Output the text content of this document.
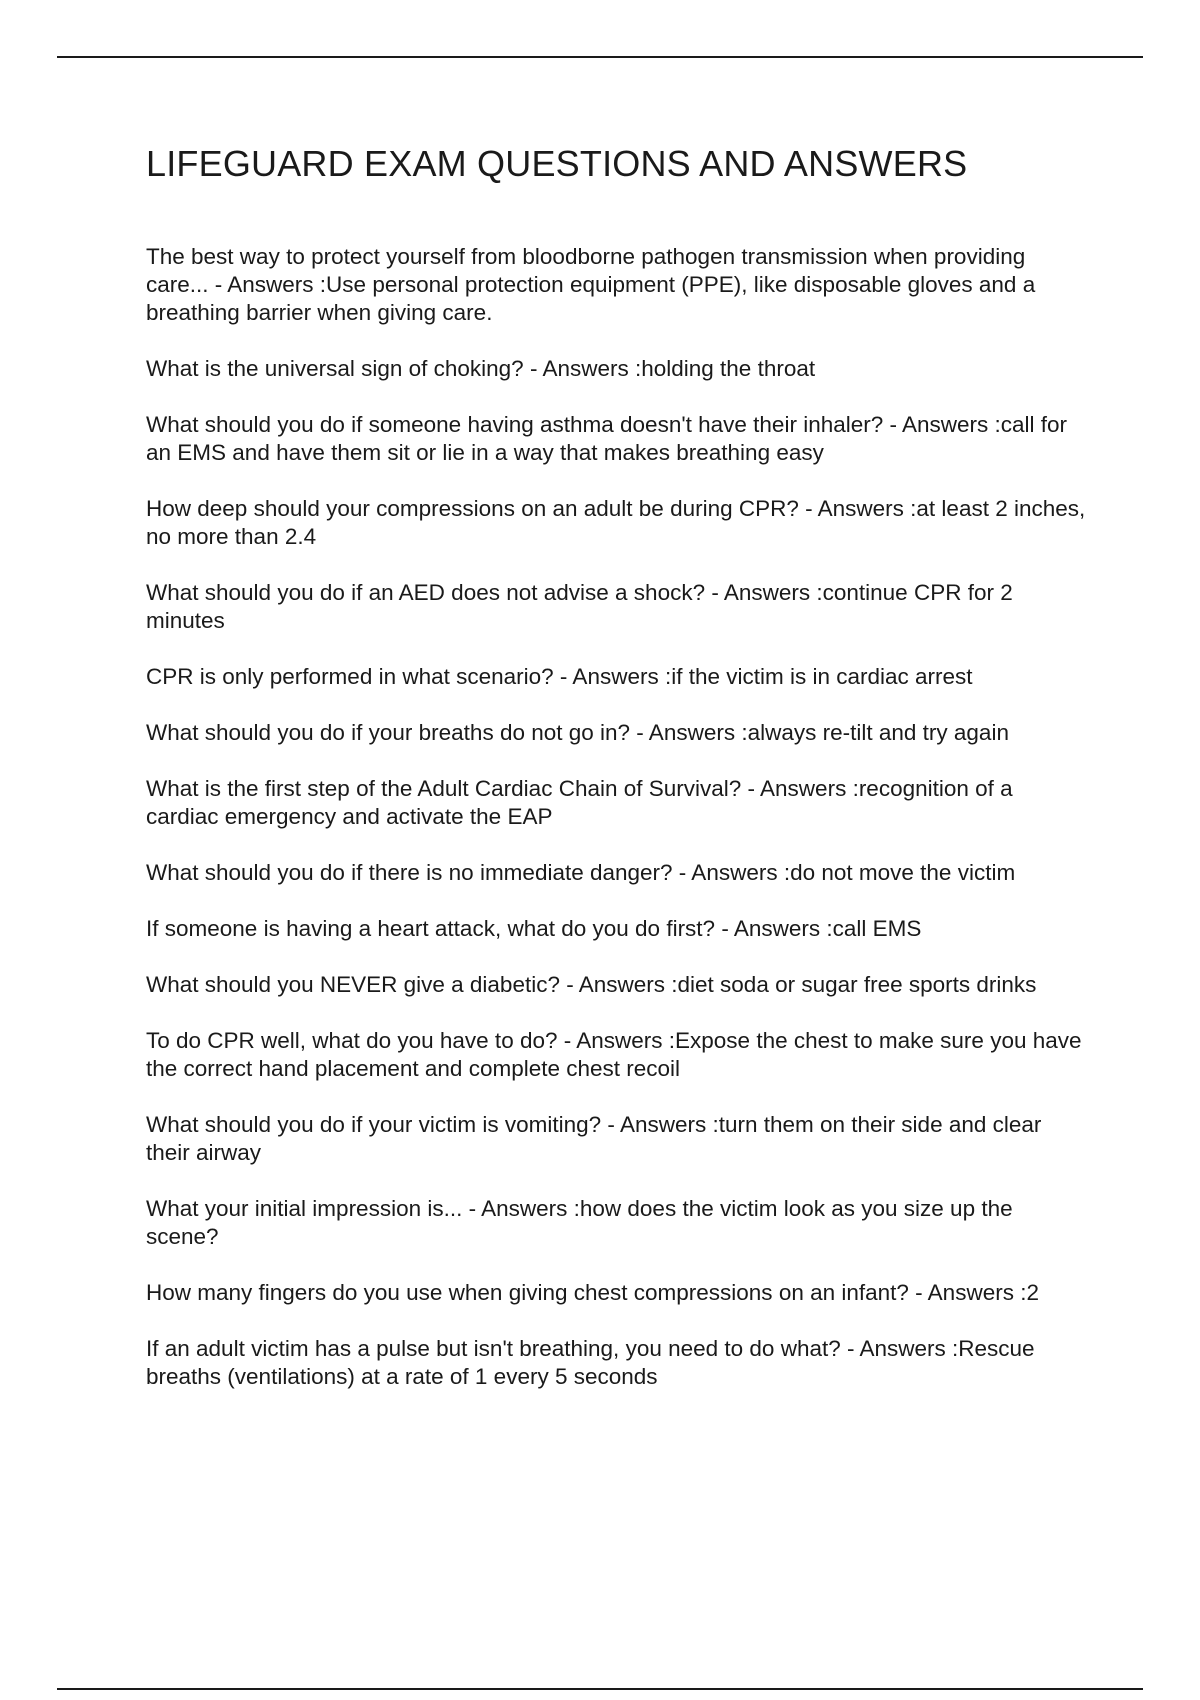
LIFEGUARD EXAM QUESTIONS AND ANSWERS
The best way to protect yourself from bloodborne pathogen transmission when providing care... - Answers :Use personal protection equipment (PPE), like disposable gloves and a breathing barrier when giving care.
What is the universal sign of choking? - Answers :holding the throat
What should you do if someone having asthma doesn't have their inhaler? - Answers :call for an EMS and have them sit or lie in a way that makes breathing easy
How deep should your compressions on an adult be during CPR? - Answers :at least 2 inches, no more than 2.4
What should you do if an AED does not advise a shock? - Answers :continue CPR for 2 minutes
CPR is only performed in what scenario? - Answers :if the victim is in cardiac arrest
What should you do if your breaths do not go in? - Answers :always re-tilt and try again
What is the first step of the Adult Cardiac Chain of Survival? - Answers :recognition of a cardiac emergency and activate the EAP
What should you do if there is no immediate danger? - Answers :do not move the victim
If someone is having a heart attack, what do you do first? - Answers :call EMS
What should you NEVER give a diabetic? - Answers :diet soda or sugar free sports drinks
To do CPR well, what do you have to do? - Answers :Expose the chest to make sure you have the correct hand placement and complete chest recoil
What should you do if your victim is vomiting? - Answers :turn them on their side and clear their airway
What your initial impression is... - Answers :how does the victim look as you size up the scene?
How many fingers do you use when giving chest compressions on an infant? - Answers :2
If an adult victim has a pulse but isn't breathing, you need to do what? - Answers :Rescue breaths (ventilations) at a rate of 1 every 5 seconds
